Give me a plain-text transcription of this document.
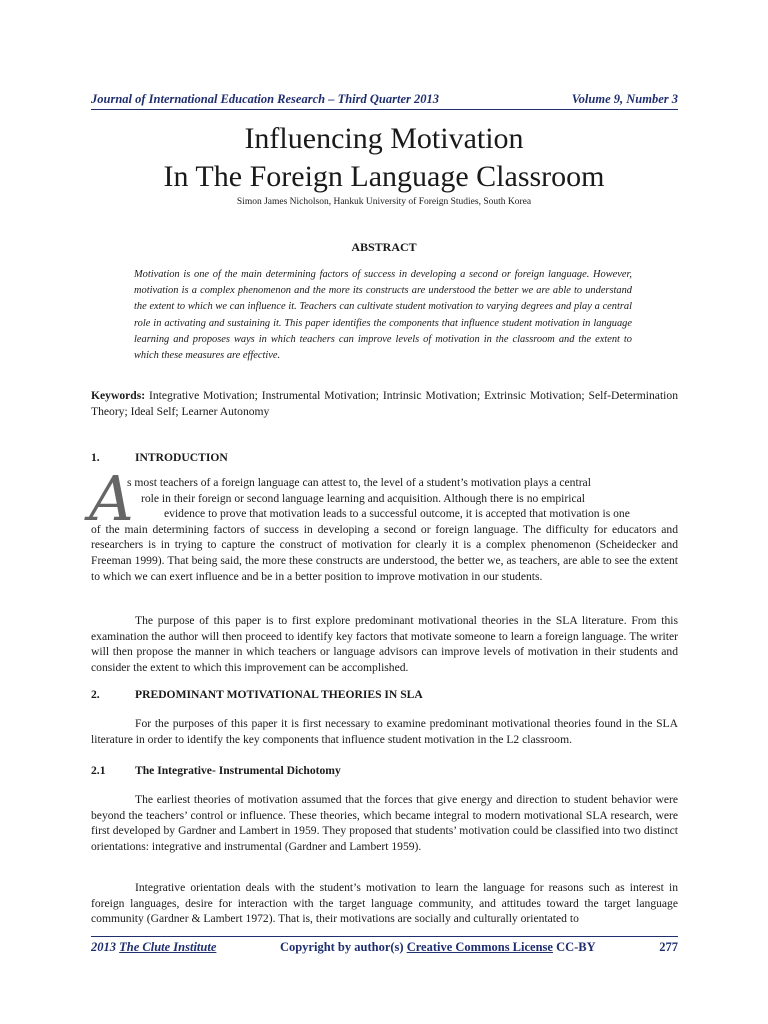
Journal of International Education Research – Third Quarter 2013	Volume 9, Number 3
Influencing Motivation
In The Foreign Language Classroom
Simon James Nicholson, Hankuk University of Foreign Studies, South Korea
ABSTRACT
Motivation is one of the main determining factors of success in developing a second or foreign language. However, motivation is a complex phenomenon and the more its constructs are understood the better we are able to understand the extent to which we can influence it. Teachers can cultivate student motivation to varying degrees and play a central role in activating and sustaining it. This paper identifies the components that influence student motivation in language learning and proposes ways in which teachers can improve levels of motivation in the classroom and the extent to which these measures are effective.
Keywords: Integrative Motivation; Instrumental Motivation; Intrinsic Motivation; Extrinsic Motivation; Self-Determination Theory; Ideal Self; Learner Autonomy
1.	INTRODUCTION
A
s most teachers of a foreign language can attest to, the level of a student’s motivation plays a central
role in their foreign or second language learning and acquisition. Although there is no empirical
evidence to prove that motivation leads to a successful outcome, it is accepted that motivation is one
of the main determining factors of success in developing a second or foreign language. The difficulty for educators and researchers is in trying to capture the construct of motivation for clearly it is a complex phenomenon (Scheidecker and Freeman 1999). That being said, the more these constructs are understood, the better we, as teachers, are able to see the extent to which we can exert influence and be in a better position to improve motivation in our students.
The purpose of this paper is to first explore predominant motivational theories in the SLA literature. From this examination the author will then proceed to identify key factors that motivate someone to learn a foreign language. The writer will then propose the manner in which teachers or language advisors can improve levels of motivation in their students and consider the extent to which this improvement can be accomplished.
2.	PREDOMINANT MOTIVATIONAL THEORIES IN SLA
For the purposes of this paper it is first necessary to examine predominant motivational theories found in the SLA literature in order to identify the key components that influence student motivation in the L2 classroom.
2.1	The Integrative- Instrumental Dichotomy
The earliest theories of motivation assumed that the forces that give energy and direction to student behavior were beyond the teachers’ control or influence. These theories, which became integral to modern motivational SLA research, were first developed by Gardner and Lambert in 1959. They proposed that students’ motivation could be classified into two distinct orientations: integrative and instrumental (Gardner and Lambert 1959).
Integrative orientation deals with the student’s motivation to learn the language for reasons such as interest in foreign languages, desire for interaction with the target language community, and attitudes toward the target language community (Gardner & Lambert 1972). That is, their motivations are socially and culturally orientated to
2013 The Clute Institute	Copyright by author(s) Creative Commons License CC-BY	277
